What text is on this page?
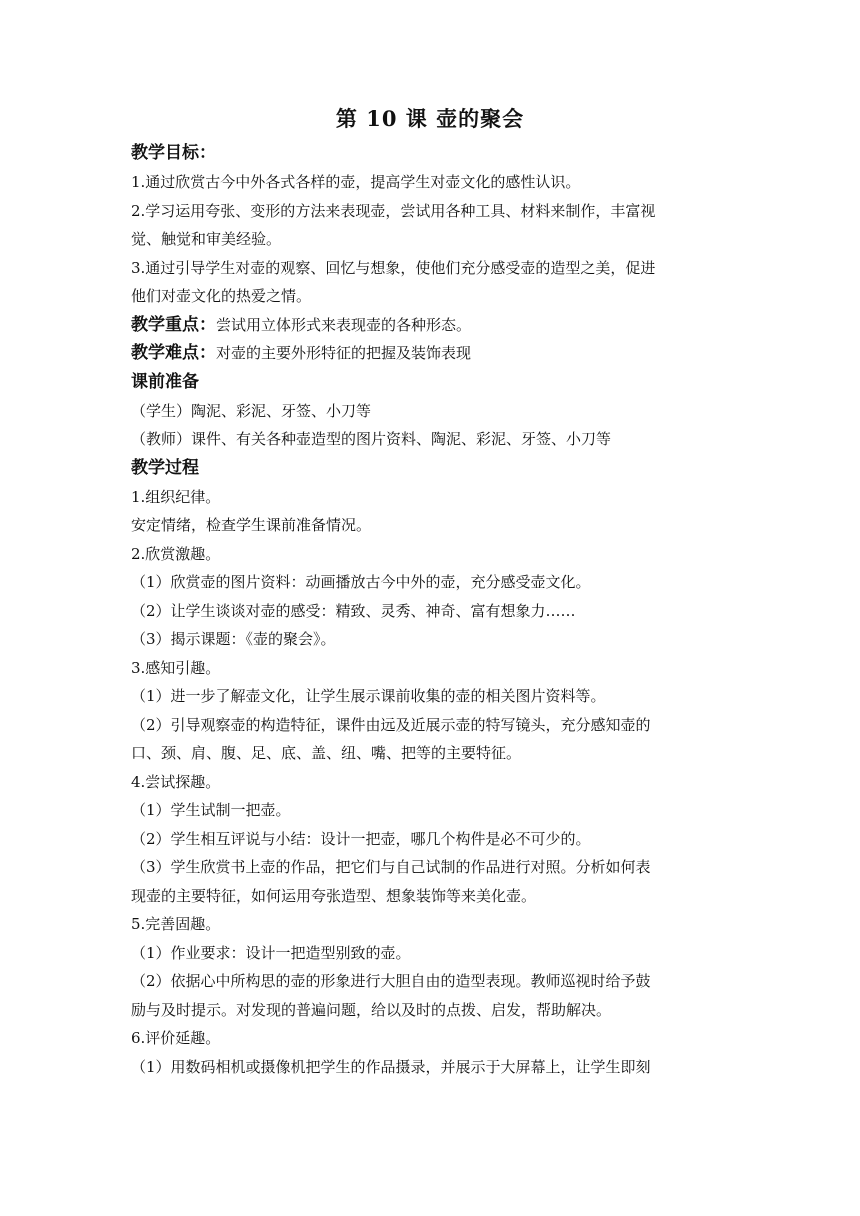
第 10 课 壶的聚会
教学目标：

1.通过欣赏古今中外各式各样的壶，提高学生对壶文化的感性认识。

2.学习运用夸张、变形的方法来表现壶，尝试用各种工具、材料来制作，丰富视

觉、触觉和审美经验。

3.通过引导学生对壶的观察、回忆与想象，使他们充分感受壶的造型之美，促进

他们对壶文化的热爱之情。

教学重点：尝试用立体形式来表现壶的各种形态。

教学难点：对壶的主要外形特征的把握及装饰表现

课前准备

（学生）陶泥、彩泥、牙签、小刀等

（教师）课件、有关各种壶造型的图片资料、陶泥、彩泥、牙签、小刀等

教学过程

1.组织纪律。

安定情绪，检查学生课前准备情况。

2.欣赏激趣。

（1）欣赏壶的图片资料：动画播放古今中外的壶，充分感受壶文化。

（2）让学生谈谈对壶的感受：精致、灵秀、神奇、富有想象力……

（3）揭示课题：《壶的聚会》。

3.感知引趣。

（1）进一步了解壶文化，让学生展示课前收集的壶的相关图片资料等。

（2）引导观察壶的构造特征，课件由远及近展示壶的特写镜头，充分感知壶的

口、颈、肩、腹、足、底、盖、纽、嘴、把等的主要特征。

4.尝试探趣。

（1）学生试制一把壶。

（2）学生相互评说与小结：设计一把壶，哪几个构件是必不可少的。

（3）学生欣赏书上壶的作品，把它们与自己试制的作品进行对照。分析如何表

现壶的主要特征，如何运用夸张造型、想象装饰等来美化壶。

5.完善固趣。

（1）作业要求：设计一把造型别致的壶。

（2）依据心中所构思的壶的形象进行大胆自由的造型表现。教师巡视时给予鼓

励与及时提示。对发现的普遍问题，给以及时的点拨、启发，帮助解决。

6.评价延趣。

（1）用数码相机或摄像机把学生的作品摄录，并展示于大屏幕上，让学生即刻
